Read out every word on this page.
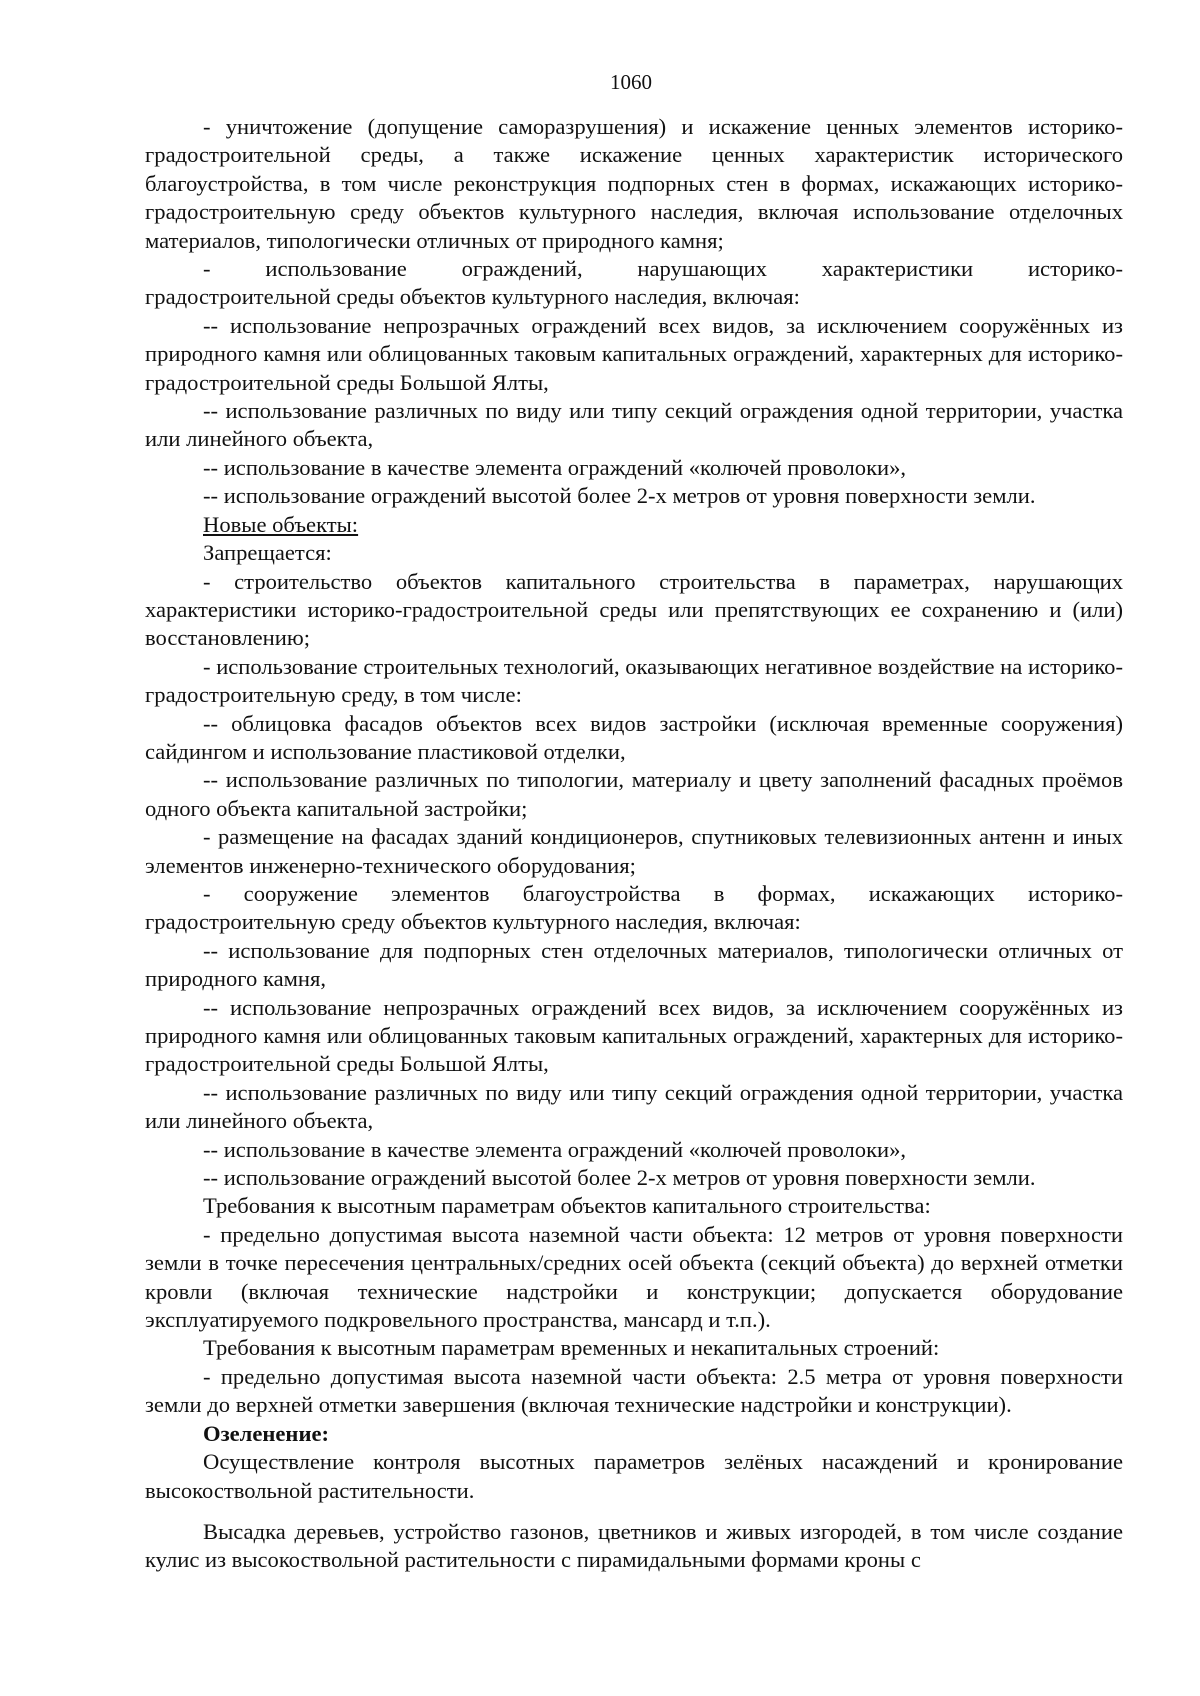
1060

- уничтожение (допущение саморазрушения) и искажение ценных элементов историко-градостроительной среды, а также искажение ценных характеристик исторического благоустройства, в том числе реконструкция подпорных стен в формах, искажающих историко-градостроительную среду объектов культурного наследия, включая использование отделочных материалов, типологически отличных от природного камня;

- использование ограждений, нарушающих характеристики историко-

градостроительной среды объектов культурного наследия, включая:

-- использование непрозрачных ограждений всех видов, за исключением сооружённых из природного камня или облицованных таковым капитальных ограждений, характерных для историко-градостроительной среды Большой Ялты,

-- использование различных по виду или типу секций ограждения одной территории, участка или линейного объекта,

-- использование в качестве элемента ограждений «колючей проволоки»,

-- использование ограждений высотой более 2-х метров от уровня поверхности земли.

Новые объекты:

Запрещается:

- строительство объектов капитального строительства в параметрах, нарушающих характеристики историко-градостроительной среды или препятствующих ее сохранению и (или) восстановлению;

- использование строительных технологий, оказывающих негативное воздействие на историко-градостроительную среду, в том числе:

-- облицовка фасадов объектов всех видов застройки (исключая временные сооружения) сайдингом и использование пластиковой отделки,

-- использование различных по типологии, материалу и цвету заполнений фасадных проёмов одного объекта капитальной застройки;

- размещение на фасадах зданий кондиционеров, спутниковых телевизионных антенн и иных элементов инженерно-технического оборудования;

- сооружение элементов благоустройства в формах, искажающих историко-

градостроительную среду объектов культурного наследия, включая:

-- использование для подпорных стен отделочных материалов, типологически отличных от природного камня,

-- использование непрозрачных ограждений всех видов, за исключением сооружённых из природного камня или облицованных таковым капитальных ограждений, характерных для историко-градостроительной среды Большой Ялты,

-- использование различных по виду или типу секций ограждения одной территории, участка или линейного объекта,

-- использование в качестве элемента ограждений «колючей проволоки»,

-- использование ограждений высотой более 2-х метров от уровня поверхности земли.

Требования к высотным параметрам объектов капитального строительства:

- предельно допустимая высота наземной части объекта: 12 метров от уровня поверхности земли в точке пересечения центральных/средних осей объекта (секций объекта) до верхней отметки кровли (включая технические надстройки и конструкции; допускается оборудование эксплуатируемого подкровельного пространства, мансард и т.п.).

Требования к высотным параметрам временных и некапитальных строений:

- предельно допустимая высота наземной части объекта: 2.5 метра от уровня поверхности земли до верхней отметки завершения (включая технические надстройки и конструкции).

Озеленение:

Осуществление контроля высотных параметров зелёных насаждений и кронирование высокоствольной растительности.

Высадка деревьев, устройство газонов, цветников и живых изгородей, в том числе создание кулис из высокоствольной растительности с пирамидальными формами кроны с
